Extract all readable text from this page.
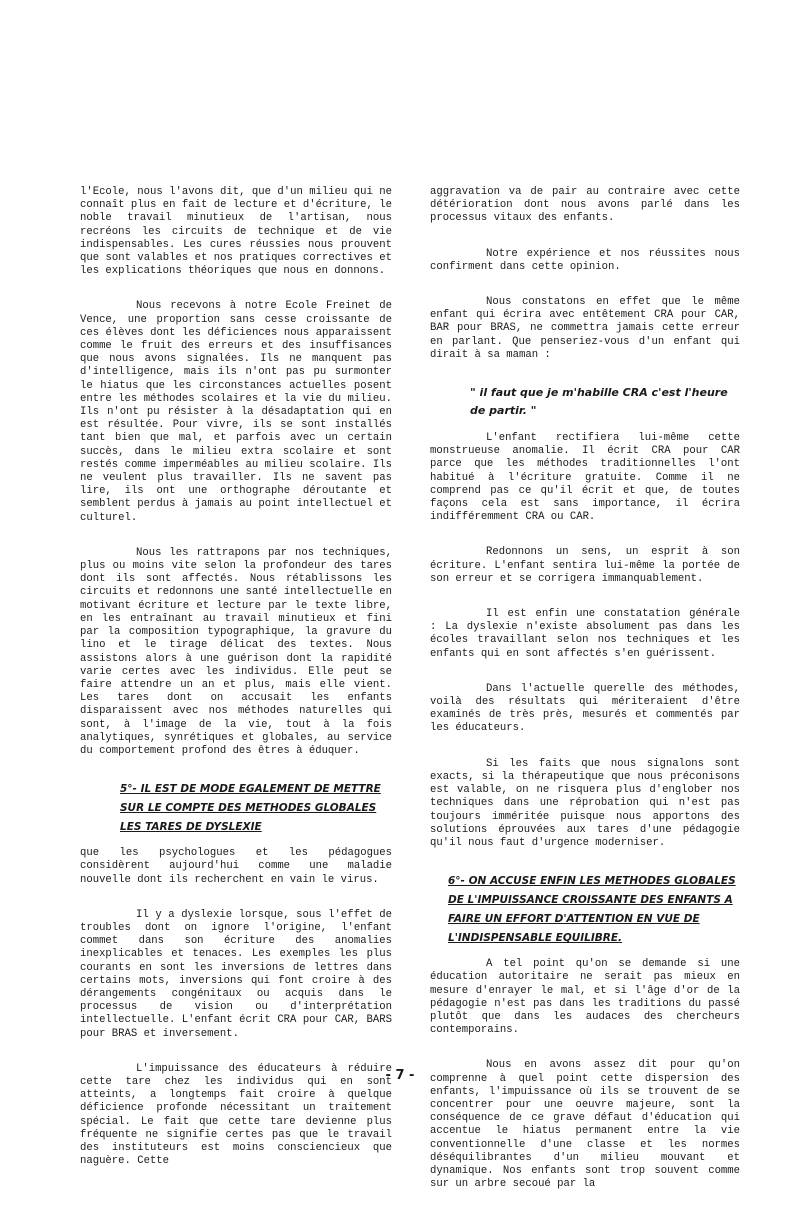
l'Ecole, nous l'avons dit, que d'un milieu qui ne connaît plus en fait de lecture et d'écriture, le noble travail minutieux de l'artisan, nous recréons les circuits de technique et de vie indispensables. Les cures réussies nous prouvent que sont valables et nos pratiques correctives et les explications théoriques que nous en donnons.

Nous recevons à notre Ecole Freinet de Vence, une proportion sans cesse croissante de ces élèves dont les déficiences nous apparaissent comme le fruit des erreurs et des insuffisances que nous avons signalées. Ils ne manquent pas d'intelligence, mais ils n'ont pas pu surmonter le hiatus que les circonstances actuelles posent entre les méthodes scolaires et la vie du milieu. Ils n'ont pu résister à la désadaptation qui en est résultée. Pour vivre, ils se sont installés tant bien que mal, et parfois avec un certain succès, dans le milieu extra scolaire et sont restés comme imperméables au milieu scolaire. Ils ne veulent plus travailler. Ils ne savent pas lire, ils ont une orthographe déroutante et semblent perdus à jamais au point intellectuel et culturel.

Nous les rattrapons par nos techniques, plus ou moins vite selon la profondeur des tares dont ils sont affectés. Nous rétablissons les circuits et redonnons une santé intellectuelle en motivant écriture et lecture par le texte libre, en les entraînant au travail minutieux et fini par la composition typographique, la gravure du lino et le tirage délicat des textes. Nous assistons alors à une guérison dont la rapidité varie certes avec les individus. Elle peut se faire attendre un an et plus, mais elle vient. Les tares dont on accusait les enfants disparaissent avec nos méthodes naturelles qui sont, à l'image de la vie, tout à la fois analytiques, synrétiques et globales, au service du comportement profond des êtres à éduquer.

5°- IL EST DE MODE EGALEMENT DE METTRE SUR LE COMPTE DES METHODES GLOBALES LES TARES DE DYSLEXIE

que les psychologues et les pédagogues considèrent aujourd'hui comme une maladie nouvelle dont ils recherchent en vain le virus.

Il y a dyslexie lorsque, sous l'effet de troubles dont on ignore l'origine, l'enfant commet dans son écriture des anomalies inexplicables et tenaces. Les exemples les plus courants en sont les inversions de lettres dans certains mots, inversions qui font croire à des dérangements congénitaux ou acquis dans le processus de vision ou d'interprétation intellectuelle. L'enfant écrit CRA pour CAR, BARS pour BRAS et inversement.

L'impuissance des éducateurs à réduire cette tare chez les individus qui en sont atteints, a longtemps fait croire à quelque déficience profonde nécessitant un traitement spécial. Le fait que cette tare devienne plus fréquente ne signifie certes pas que le travail des instituteurs est moins consciencieux que naguère. Cette

aggravation va de pair au contraire avec cette détérioration dont nous avons parlé dans les processus vitaux des enfants.

Notre expérience et nos réussites nous confirment dans cette opinion.

Nous constatons en effet que le même enfant qui écrira avec entêtement CRA pour CAR, BAR pour BRAS, ne commettra jamais cette erreur en parlant. Que penseriez-vous d'un enfant qui dirait à sa maman :

" il faut que je m'habille CRA c'est l'heure de partir. "

L'enfant rectifiera lui-même cette monstrueuse anomalie. Il écrit CRA pour CAR parce que les méthodes traditionnelles l'ont habitué à l'écriture gratuite. Comme il ne comprend pas ce qu'il écrit et que, de toutes façons cela est sans importance, il écrira indifféremment CRA ou CAR.

Redonnons un sens, un esprit à son écriture. L'enfant sentira lui-même la portée de son erreur et se corrigera immanquablement.

Il est enfin une constatation générale : La dyslexie n'existe absolument pas dans les écoles travaillant selon nos techniques et les enfants qui en sont affectés s'en guérissent.

Dans l'actuelle querelle des méthodes, voilà des résultats qui mériteraient d'être examinés de très près, mesurés et commentés par les éducateurs.

Si les faits que nous signalons sont exacts, si la thérapeutique que nous préconisons est valable, on ne risquera plus d'englober nos techniques dans une réprobation qui n'est pas toujours imméritée puisque nous apportons des solutions éprouvées aux tares d'une pédagogie qu'il nous faut d'urgence moderniser.

6°- ON ACCUSE ENFIN LES METHODES GLOBALES DE L'IMPUISSANCE CROISSANTE DES ENFANTS A FAIRE UN EFFORT D'ATTENTION EN VUE DE L'INDISPENSABLE EQUILIBRE.

A tel point qu'on se demande si une éducation autoritaire ne serait pas mieux en mesure d'enrayer le mal, et si l'âge d'or de la pédagogie n'est pas dans les traditions du passé plutôt que dans les audaces des chercheurs contemporains.

Nous en avons assez dit pour qu'on comprenne à quel point cette dispersion des enfants, l'impuissance où ils se trouvent de se concentrer pour une oeuvre majeure, sont la conséquence de ce grave défaut d'éducation qui accentue le hiatus permanent entre la vie conventionnelle d'une classe et les normes déséquilibrantes d'un milieu mouvant et dynamique. Nos enfants sont trop souvent comme sur un arbre secoué par la

- 7 -
